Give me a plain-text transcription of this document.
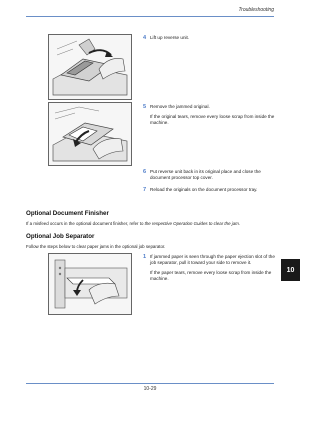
Troubleshooting
10
4 Lift up reverse unit.

5 Remove the jammed original.

If the original tears, remove every loose scrap from inside the machine.

6 Put reverse unit back in its original place and close the document processor top cover.

7 Reload the originals on the document processor tray.

Optional Document Finisher
If a misfeed occurs in the optional document finisher, refer to the respective Operation Guides to clear the jam.
Optional Job Separator
Follow the steps below to clear paper jams in the optional job separator.
1 If jammed paper is seen through the paper ejection slot of the job separator, pull it toward your side to remove it.

If the paper tears, remove every loose scrap from inside the machine.

10-29
